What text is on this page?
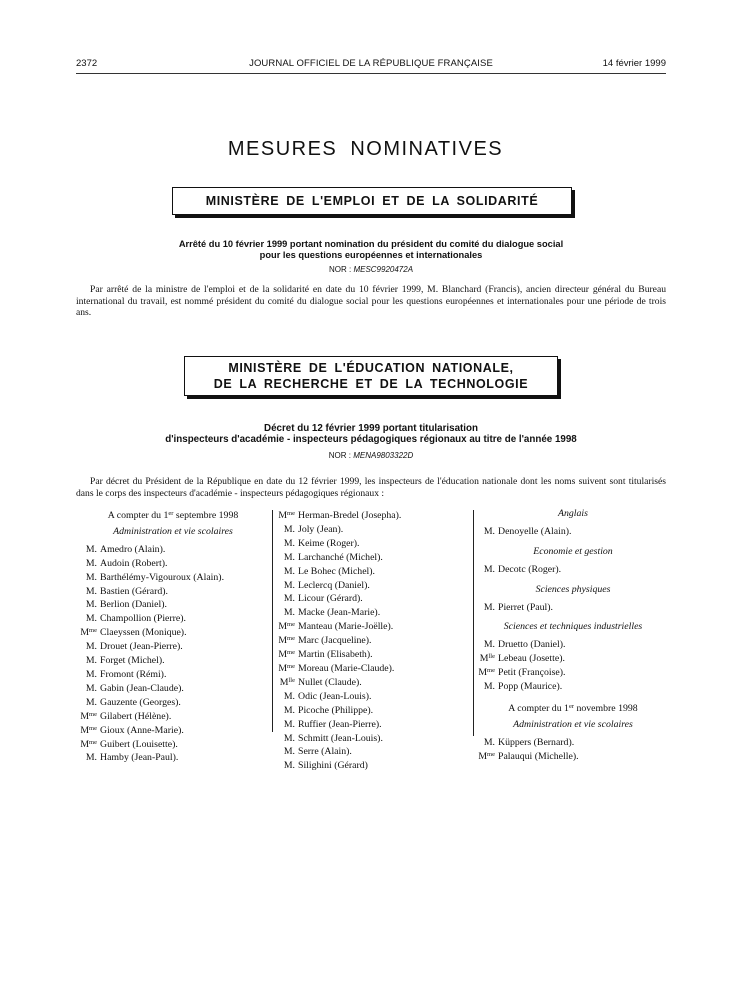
2372	JOURNAL OFFICIEL DE LA RÉPUBLIQUE FRANÇAISE	14 février 1999
MESURES NOMINATIVES
MINISTÈRE DE L'EMPLOI ET DE LA SOLIDARITÉ
Arrêté du 10 février 1999 portant nomination du président du comité du dialogue social
pour les questions européennes et internationales
NOR : MESC9920472A
Par arrêté de la ministre de l'emploi et de la solidarité en date du 10 février 1999, M. Blanchard (Francis), ancien directeur général du Bureau international du travail, est nommé président du comité du dialogue social pour les questions européennes et internationales pour une période de trois ans.
MINISTÈRE DE L'ÉDUCATION NATIONALE,
DE LA RECHERCHE ET DE LA TECHNOLOGIE
Décret du 12 février 1999 portant titularisation
d'inspecteurs d'académie - inspecteurs pédagogiques régionaux au titre de l'année 1998
NOR : MENA9803322D
Par décret du Président de la République en date du 12 février 1999, les inspecteurs de l'éducation nationale dont les noms suivent sont titularisés dans le corps des inspecteurs d'académie - inspecteurs pédagogiques régionaux :
A compter du 1er septembre 1998
Administration et vie scolaires
M. Amedro (Alain).
M. Audoin (Robert).
M. Barthélémy-Vigouroux (Alain).
M. Bastien (Gérard).
M. Berlion (Daniel).
M. Champollion (Pierre).
$M^{me}$ Claeyssen (Monique).
M. Drouet (Jean-Pierre).
M. Forget (Michel).
M. Fromont (Rémi).
M. Gabin (Jean-Claude).
M. Gauzente (Georges).
$M^{me}$ Gilabert (Hélène).
$M^{me}$ Gioux (Anne-Marie).
$M^{me}$ Guibert (Louisette).
M. Hamby (Jean-Paul).
$M^{me}$ Herman-Bredel (Josepha).
M. Joly (Jean).
M. Keime (Roger).
M. Larchanché (Michel).
M. Le Bohec (Michel).
M. Leclercq (Daniel).
M. Licour (Gérard).
M. Macke (Jean-Marie).
$M^{me}$ Manteau (Marie-Joëlle).
$M^{me}$ Marc (Jacqueline).
$M^{me}$ Martin (Elisabeth).
$M^{me}$ Moreau (Marie-Claude).
$M^{lle}$ Nullet (Claude).
M. Odic (Jean-Louis).
M. Picoche (Philippe).
M. Ruffier (Jean-Pierre).
M. Schmitt (Jean-Louis).
M. Serre (Alain).
M. Silighini (Gérard)
Anglais
M. Denoyelle (Alain).
Economie et gestion
M. Decotc (Roger).
Sciences physiques
M. Pierret (Paul).
Sciences et techniques industrielles
M. Druetto (Daniel).
$M^{lle}$ Lebeau (Josette).
$M^{me}$ Petit (Françoise).
M. Popp (Maurice).
A compter du 1er novembre 1998
Administration et vie scolaires
M. Küppers (Bernard).
$M^{me}$ Palauqui (Michelle).
